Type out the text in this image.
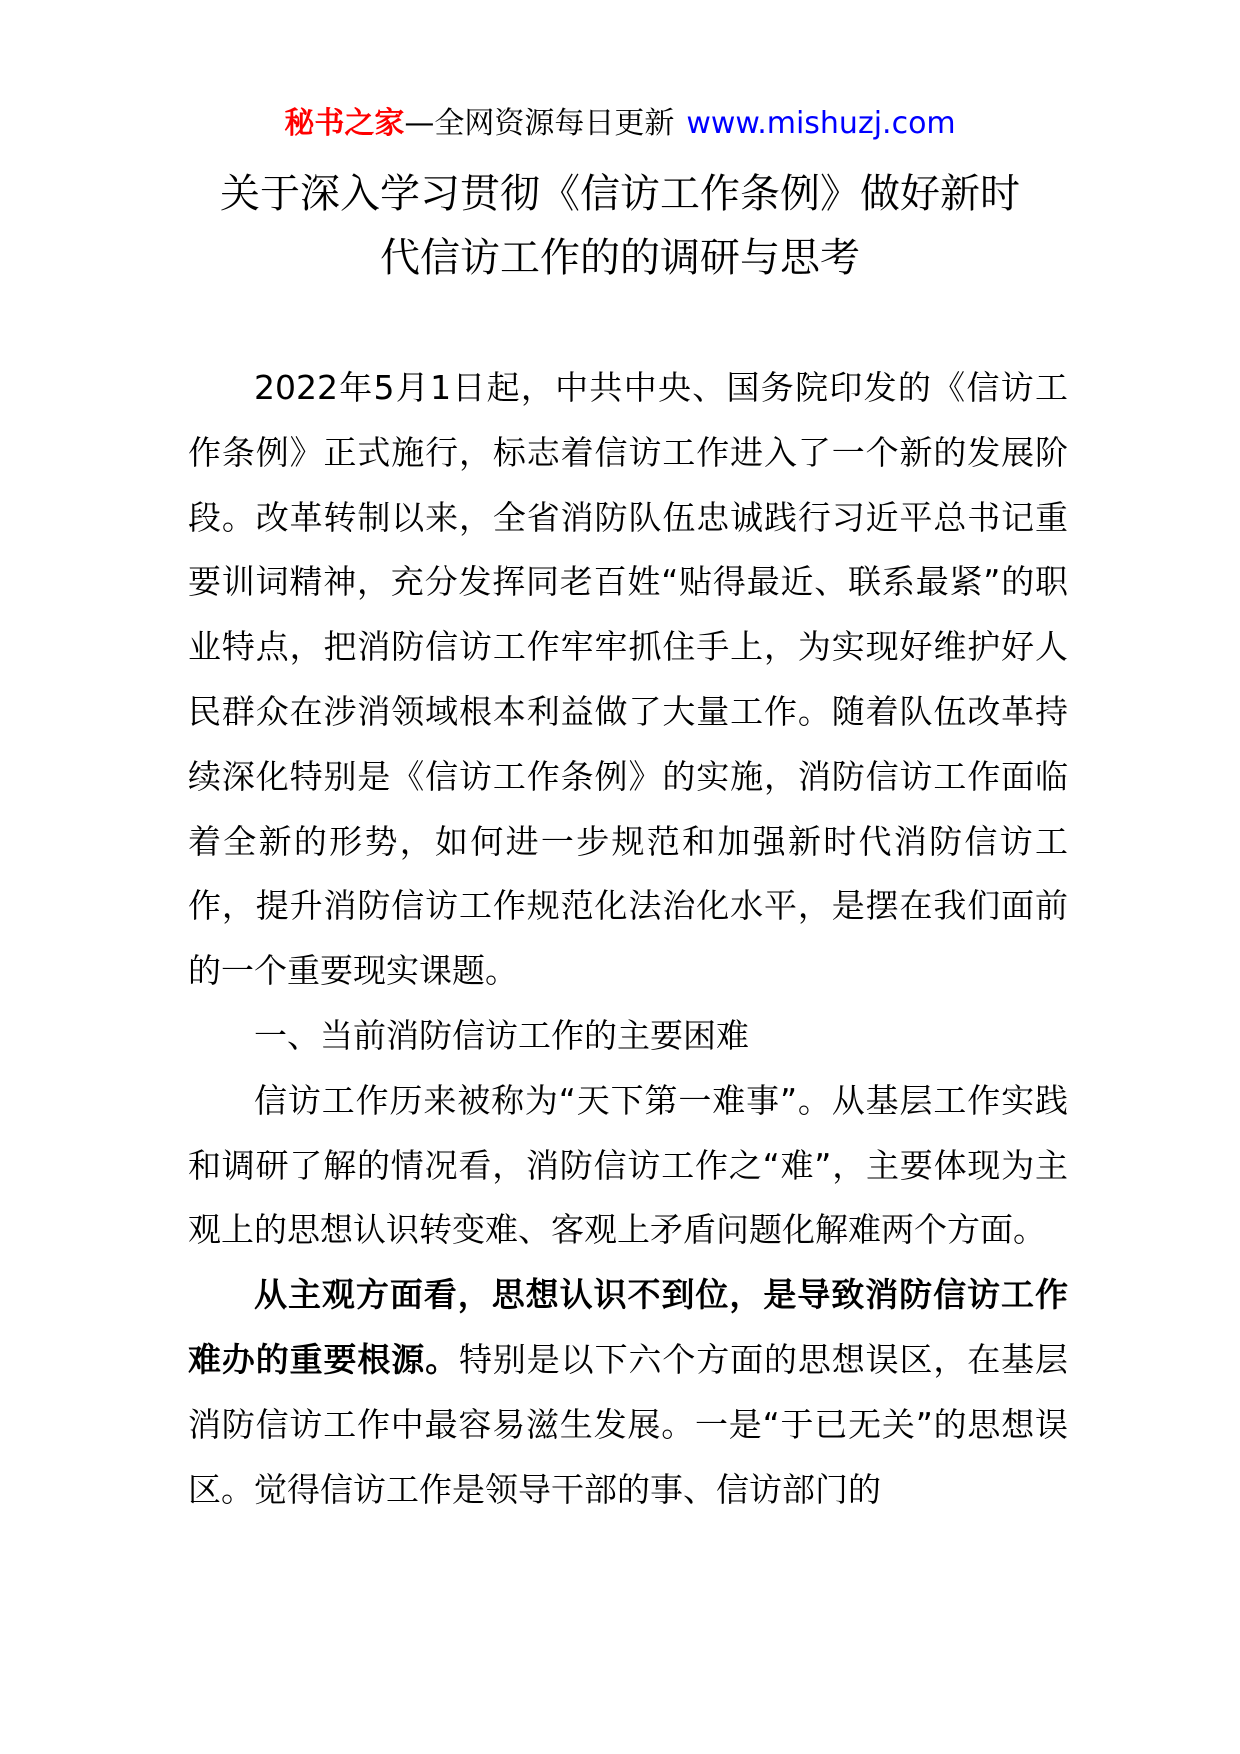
秘书之家—全网资源每日更新 www.mishuzj.com
关于深入学习贯彻《信访工作条例》做好新时
代信访工作的的调研与思考

2022年5月1日起，中共中央、国务院印发的《信访工作条例》正式施行，标志着信访工作进入了一个新的发展阶段。改革转制以来，全省消防队伍忠诚践行习近平总书记重要训词精神，充分发挥同老百姓“贴得最近、联系最紧”的职业特点，把消防信访工作牢牢抓住手上，为实现好维护好人民群众在涉消领域根本利益做了大量工作。随着队伍改革持续深化特别是《信访工作条例》的实施，消防信访工作面临着全新的形势，如何进一步规范和加强新时代消防信访工作，提升消防信访工作规范化法治化水平，是摆在我们面前的一个重要现实课题。

一、当前消防信访工作的主要困难

信访工作历来被称为“天下第一难事”。从基层工作实践和调研了解的情况看，消防信访工作之“难”，主要体现为主观上的思想认识转变难、客观上矛盾问题化解难两个方面。

从主观方面看，思想认识不到位，是导致消防信访工作难办的重要根源。特别是以下六个方面的思想误区，在基层消防信访工作中最容易滋生发展。一是“于已无关”的思想误区。觉得信访工作是领导干部的事、信访部门的
